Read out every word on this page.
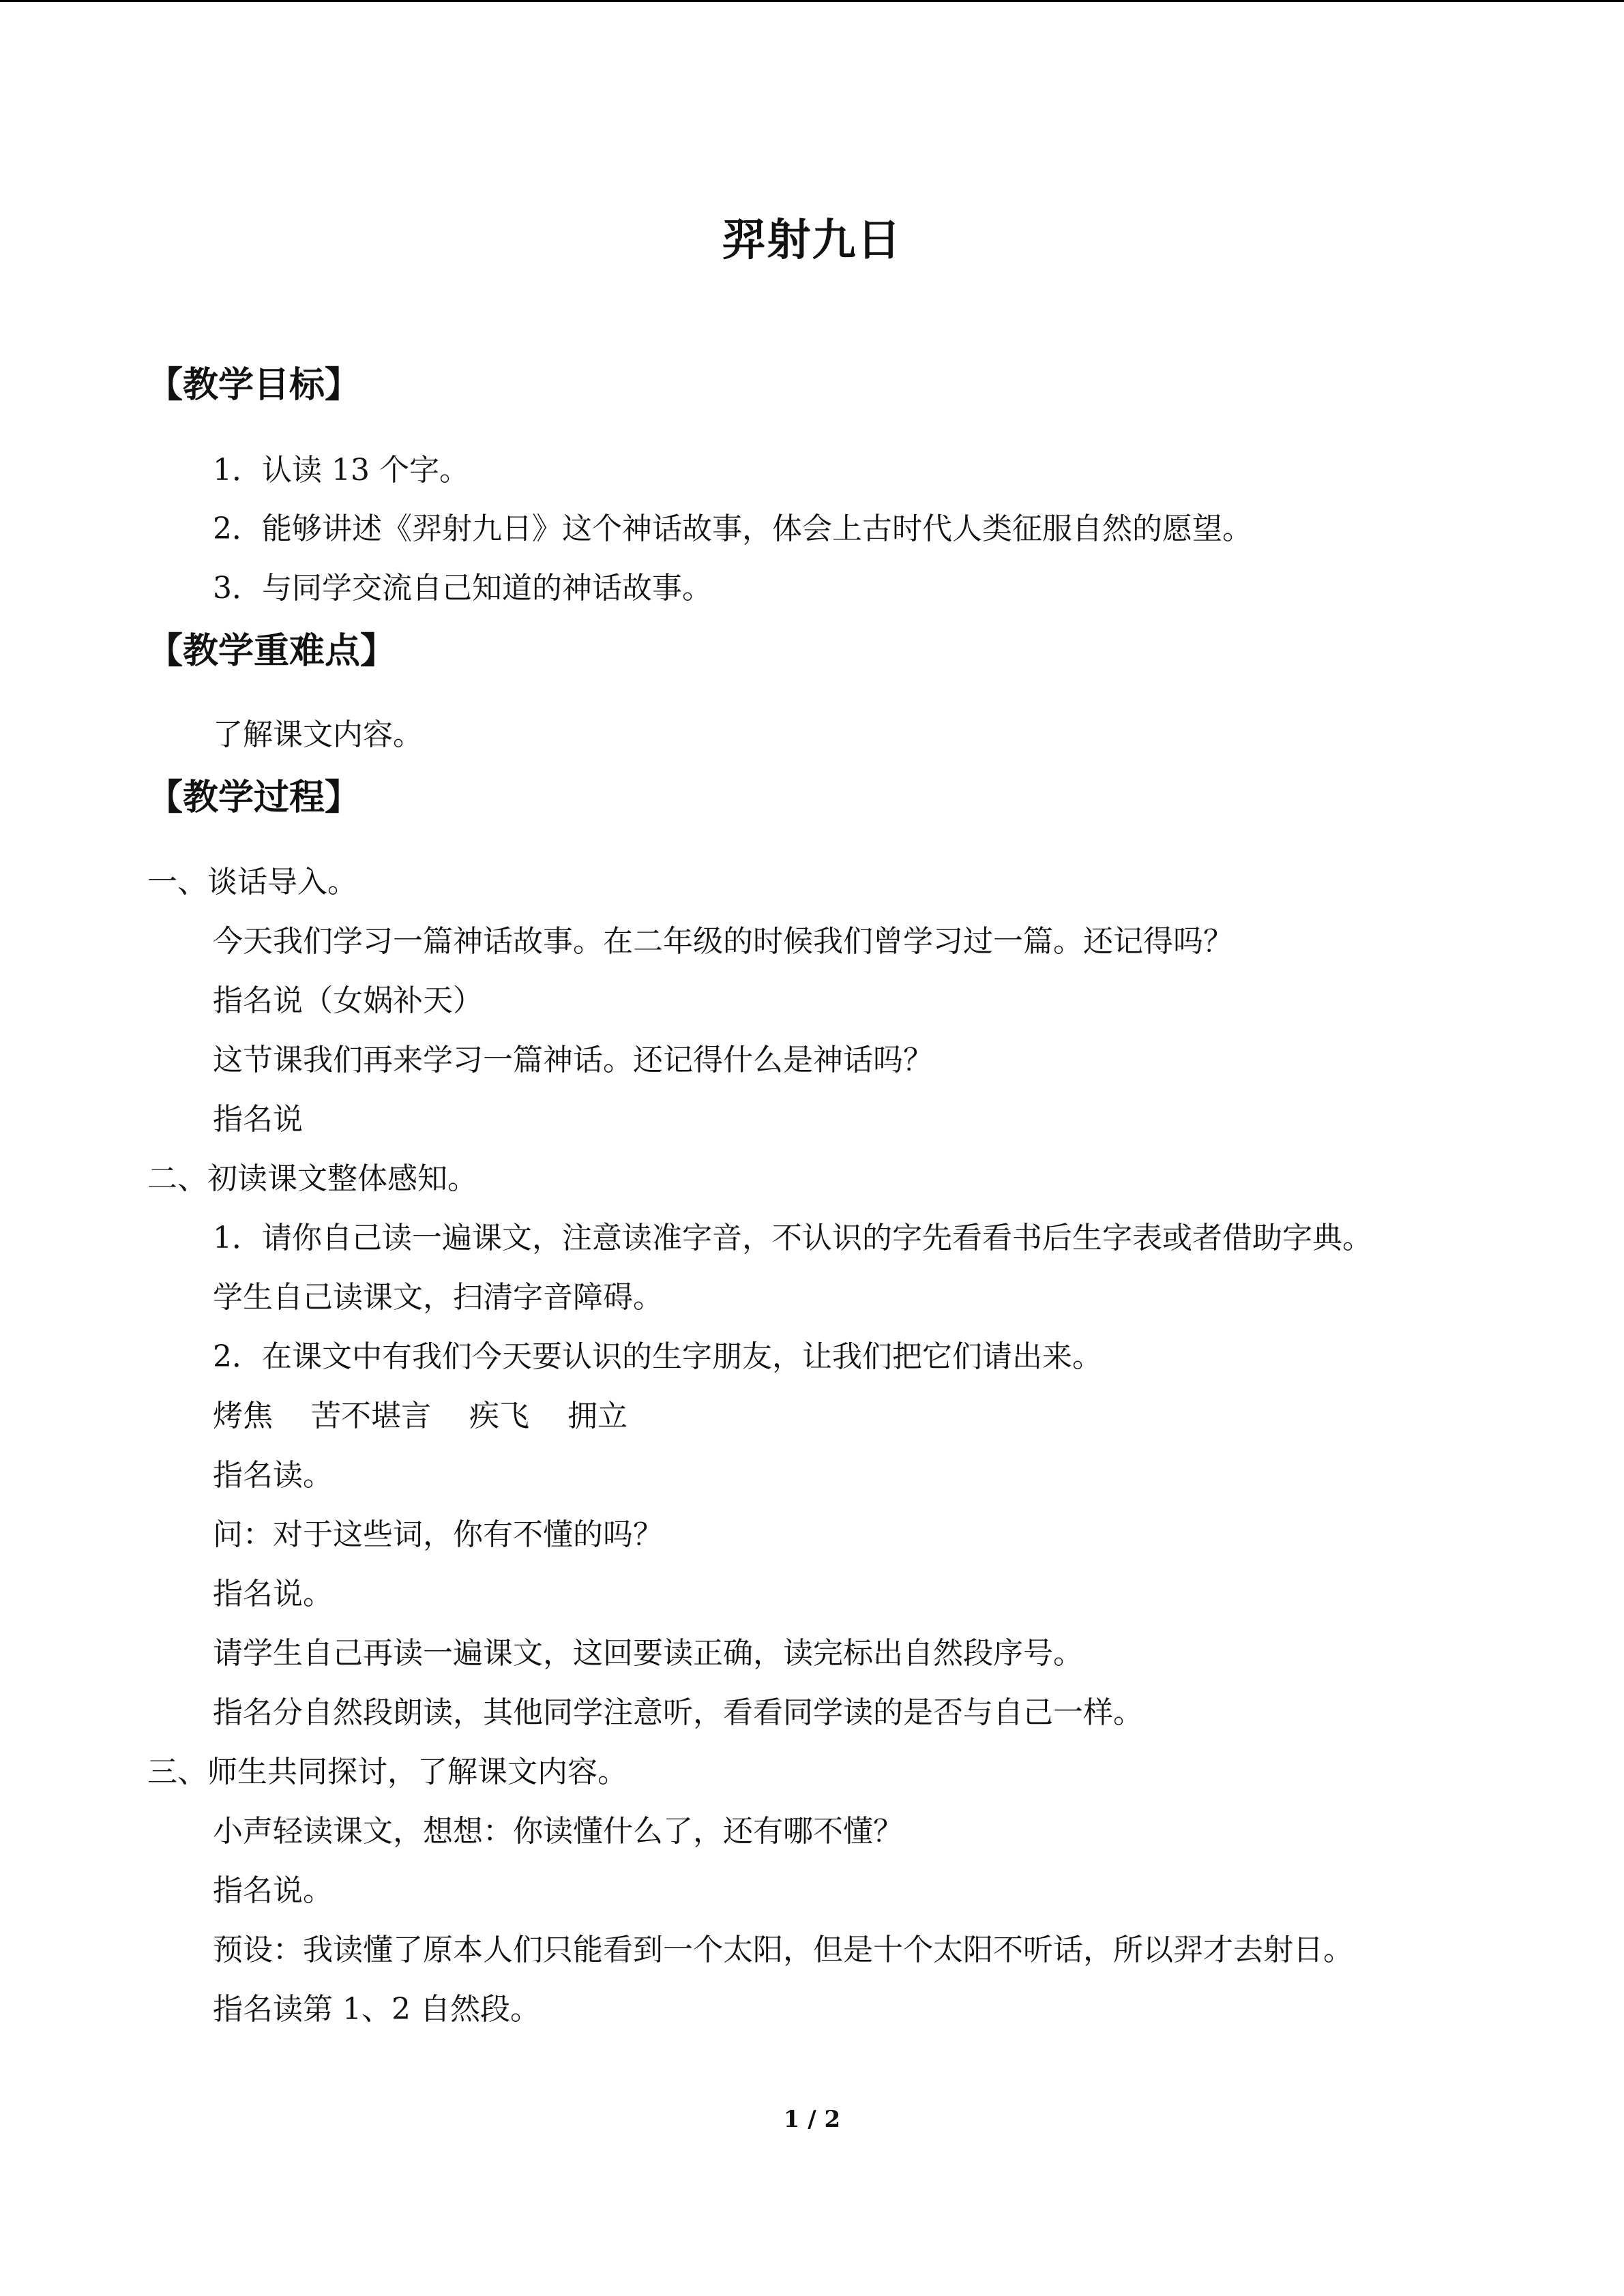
羿射九日
【教学目标】
1．认读 13 个字。
2．能够讲述《羿射九日》这个神话故事，体会上古时代人类征服自然的愿望。
3．与同学交流自己知道的神话故事。
【教学重难点】
了解课文内容。
【教学过程】
一、谈话导入。
今天我们学习一篇神话故事。在二年级的时候我们曾学习过一篇。还记得吗？
指名说（女娲补天）
这节课我们再来学习一篇神话。还记得什么是神话吗？
指名说
二、初读课文整体感知。
1．请你自己读一遍课文，注意读准字音，不认识的字先看看书后生字表或者借助字典。
学生自己读课文，扫清字音障碍。
2．在课文中有我们今天要认识的生字朋友，让我们把它们请出来。
烤焦 苦不堪言 疾飞 拥立
指名读。
问：对于这些词，你有不懂的吗？
指名说。
请学生自己再读一遍课文，这回要读正确，读完标出自然段序号。
指名分自然段朗读，其他同学注意听，看看同学读的是否与自己一样。
三、师生共同探讨，了解课文内容。
小声轻读课文，想想：你读懂什么了，还有哪不懂？
指名说。
预设：我读懂了原本人们只能看到一个太阳，但是十个太阳不听话，所以羿才去射日。
指名读第 1、2 自然段。
1 / 2
